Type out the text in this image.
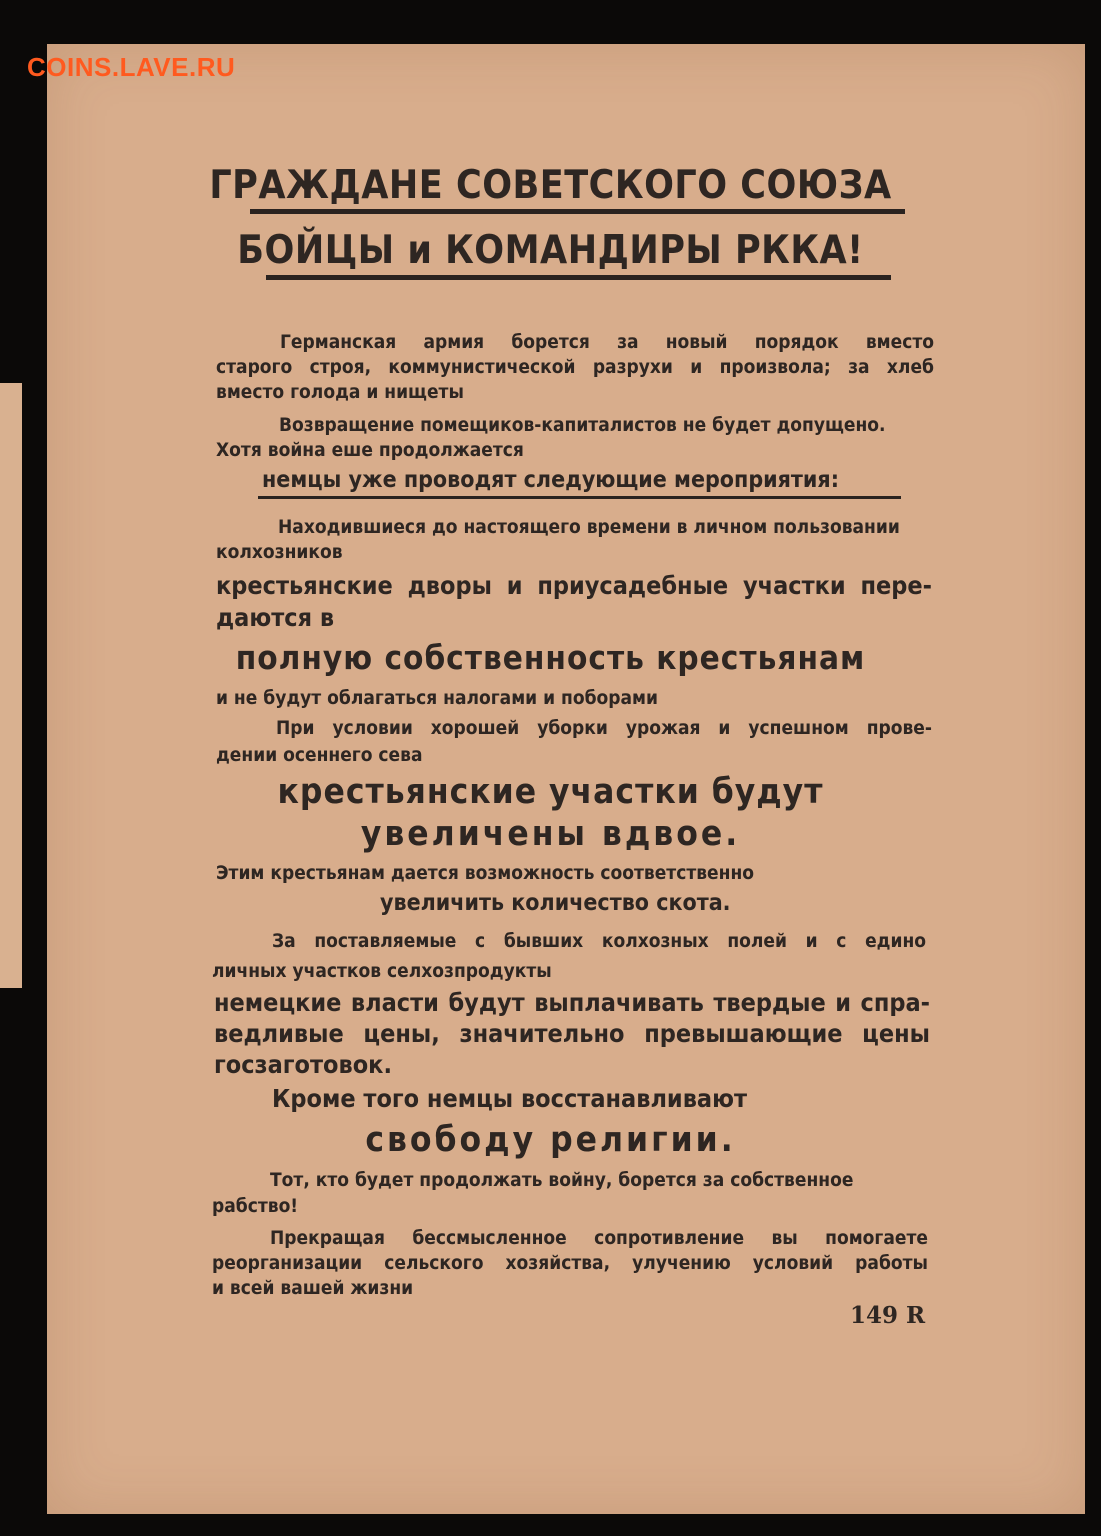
COINS.LAVE.RU
ГРАЖДАНЕ СОВЕТСКОГО СОЮЗА
БОЙЦЫ и КОМАНДИРЫ РККА!
Германская армия борется за новый порядок вместо
старого строя, коммунистической разрухи и произвола; за хлеб
вместо голода и нищеты
Возвращение помещиков-капиталистов не будет допущено.
Хотя война еше продолжается
немцы уже проводят следующие мероприятия:
Находившиеся до настоящего времени в личном пользовании
колхозников
крестьянские дворы и приусадебные участки пере-
даются в
полную собственность крестьянам
и не будут облагаться налогами и поборами
При условии хорошей уборки урожая и успешном прове-
дении осеннего сева
крестьянские участки будут
увеличены вдвое.
Этим крестьянам дается возможность соответственно
увеличить количество скота.
За поставляемые с бывших колхозных полей и с едино
личных участков селхозпродукты
немецкие власти будут выплачивать твердые и спра-
ведливые цены, значительно превышающие цены
госзаготовок.
Кроме того немцы восстанавливают
свободу религии.
Тот, кто будет продолжать войну, борется за собственное
рабство!
Прекращая бессмысленное сопротивление вы помогаете
реорганизации сельского хозяйства, улучению условий работы
и всей вашей жизни
149 R
